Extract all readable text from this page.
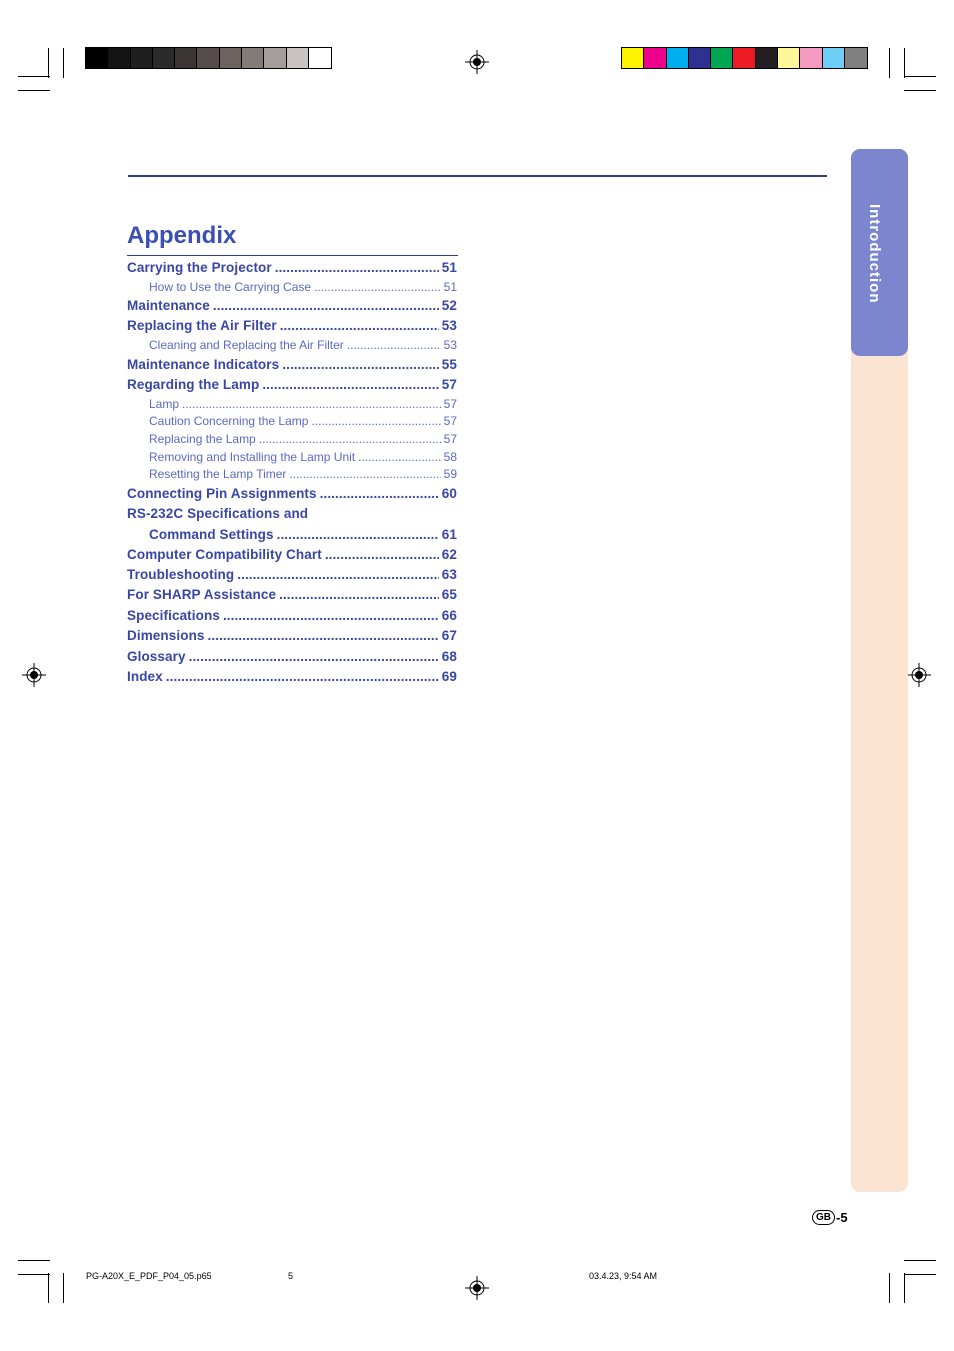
Introduction
Appendix
Carrying the Projector .....	51
How to Use the Carrying Case .....	51
Maintenance .....	52
Replacing the Air Filter .....	53
Cleaning and Replacing the Air Filter .....	53
Maintenance Indicators .....	55
Regarding the Lamp .....	57
Lamp .....	57
Caution Concerning the Lamp .....	57
Replacing the Lamp .....	57
Removing and Installing the Lamp Unit .....	58
Resetting the Lamp Timer .....	59
Connecting Pin Assignments .....	60
RS-232C Specifications and
Command Settings .....	61
Computer Compatibility Chart .....	62
Troubleshooting .....	63
For SHARP Assistance .....	65
Specifications .....	66
Dimensions .....	67
Glossary .....	68
Index .....	69
GB -5
PG-A20X_E_PDF_P04_05.p65	5	03.4.23, 9:54 AM
